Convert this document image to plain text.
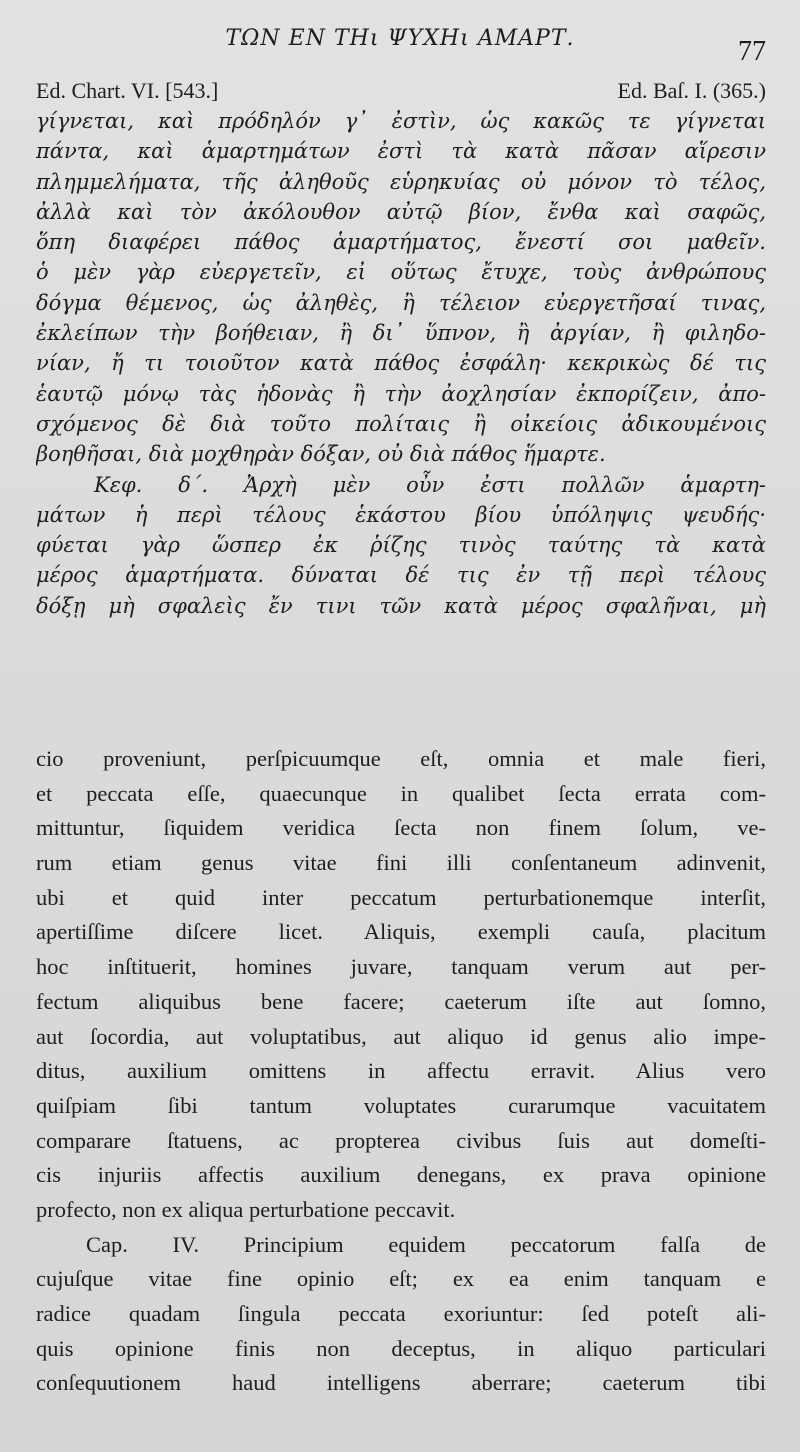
ΤΩΝ ΕΝ ΤΗι ΨΥΧΗι ΑΜΑΡΤ.	77
Ed. Chart. VI. [543.]	Ed. Baſ. I. (365.)
γίγνεται, καὶ πρόδηλόν γ᾽ ἐστὶν, ὡς κακῶς τε γίγνεται
πάντα, καὶ ἁμαρτημάτων ἐστὶ τὰ κατὰ πᾶσαν αἵρεσιν
πλημμελήματα, τῆς ἀληθοῦς εὑρηκυίας οὐ μόνον τὸ τέλος,
ἀλλὰ καὶ τὸν ἀκόλουθον αὐτῷ βίον, ἔνθα καὶ σαφῶς,
ὅπη διαφέρει πάθος ἁμαρτήματος, ἔνεστί σοι μαθεῖν.
ὁ μὲν γὰρ εὐεργετεῖν, εἰ οὕτως ἔτυχε, τοὺς ἀνθρώπους
δόγμα θέμενος, ὡς ἀληθὲς, ἢ τέλειον εὐεργετῆσαί τινας,
ἐκλείπων τὴν βοήθειαν, ἢ δι᾽ ὕπνον, ἢ ἀργίαν, ἢ φιληδο-
νίαν, ἤ τι τοιοῦτον κατὰ πάθος ἐσφάλη· κεκρικὼς δέ τις
ἑαυτῷ μόνῳ τὰς ἡδονὰς ἢ τὴν ἀοχλησίαν ἐκπορίζειν, ἀπο-
σχόμενος δὲ διὰ τοῦτο πολίταις ἢ οἰκείοις ἀδικουμένοις
βοηθῆσαι, διὰ μοχθηρὰν δόξαν, οὐ διὰ πάθος ἥμαρτε.
Κεφ. δ΄. Ἀρχὴ μὲν οὖν ἐστι πολλῶν ἁμαρτη-
μάτων ἡ περὶ τέλους ἑκάστου βίου ὑπόληψις ψευδής·
φύεται γὰρ ὥσπερ ἐκ ῥίζης τινὸς ταύτης τὰ κατὰ
μέρος ἁμαρτήματα. δύναται δέ τις ἐν τῇ περὶ τέλους
δόξῃ μὴ σφαλεὶς ἔν τινι τῶν κατὰ μέρος σφαλῆναι, μὴ
cio proveniunt, perſpicuumque eſt, omnia et male fieri,
et peccata eſſe, quaecunque in qualibet ſecta errata com-
mittuntur, ſiquidem veridica ſecta non finem ſolum, ve-
rum etiam genus vitae fini illi conſentaneum adinvenit,
ubi et quid inter peccatum perturbationemque interſit,
apertiſſime diſcere licet. Aliquis, exempli cauſa, placitum
hoc inſtituerit, homines juvare, tanquam verum aut per-
fectum aliquibus bene facere; caeterum iſte aut ſomno,
aut ſocordia, aut voluptatibus, aut aliquo id genus alio impe-
ditus, auxilium omittens in affectu erravit. Alius vero
quiſpiam ſibi tantum voluptates curarumque vacuitatem
comparare ſtatuens, ac propterea civibus ſuis aut domeſti-
cis injuriis affectis auxilium denegans, ex prava opinione
profecto, non ex aliqua perturbatione peccavit.
Cap. IV. Principium equidem peccatorum falſa de
cujuſque vitae fine opinio eſt; ex ea enim tanquam e
radice quadam ſingula peccata exoriuntur: ſed poteſt ali-
quis opinione finis non deceptus, in aliquo particulari
conſequutionem haud intelligens aberrare; caeterum tibi
